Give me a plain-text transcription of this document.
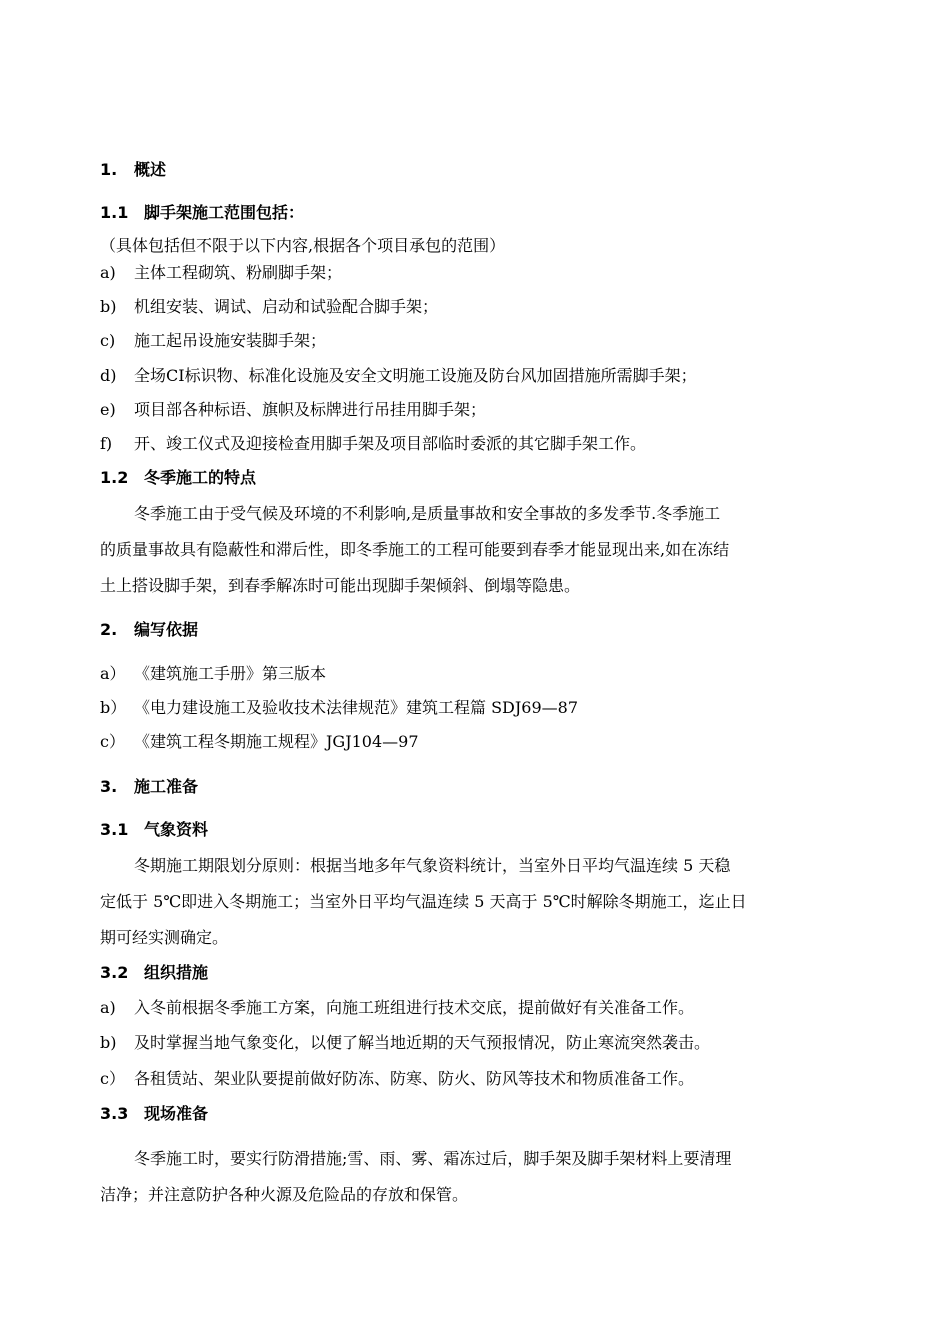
1. 概述
1.1 脚手架施工范围包括：
（具体包括但不限于以下内容,根据各个项目承包的范围）
a) 主体工程砌筑、粉刷脚手架；
b) 机组安装、调试、启动和试验配合脚手架；
c) 施工起吊设施安装脚手架；
d) 全场CI标识物、标准化设施及安全文明施工设施及防台风加固措施所需脚手架；
e) 项目部各种标语、旗帜及标牌进行吊挂用脚手架；
f) 开、竣工仪式及迎接检查用脚手架及项目部临时委派的其它脚手架工作。
1.2 冬季施工的特点
冬季施工由于受气候及环境的不利影响,是质量事故和安全事故的多发季节.冬季施工
的质量事故具有隐蔽性和滞后性，即冬季施工的工程可能要到春季才能显现出来,如在冻结
土上搭设脚手架，到春季解冻时可能出现脚手架倾斜、倒塌等隐患。
2. 编写依据
a） 《建筑施工手册》第三版本
b） 《电力建设施工及验收技术法律规范》建筑工程篇 SDJ69—87
c） 《建筑工程冬期施工规程》JGJ104—97
3. 施工准备
3.1 气象资料
冬期施工期限划分原则：根据当地多年气象资料统计，当室外日平均气温连续 5 天稳
定低于 5℃即进入冬期施工；当室外日平均气温连续 5 天高于 5℃时解除冬期施工，迄止日
期可经实测确定。
3.2 组织措施
a) 入冬前根据冬季施工方案，向施工班组进行技术交底，提前做好有关准备工作。
b) 及时掌握当地气象变化，以便了解当地近期的天气预报情况，防止寒流突然袭击。
c） 各租赁站、架业队要提前做好防冻、防寒、防火、防风等技术和物质准备工作。
3.3 现场准备
冬季施工时，要实行防滑措施;雪、雨、雾、霜冻过后，脚手架及脚手架材料上要清理
洁净；并注意防护各种火源及危险品的存放和保管。
